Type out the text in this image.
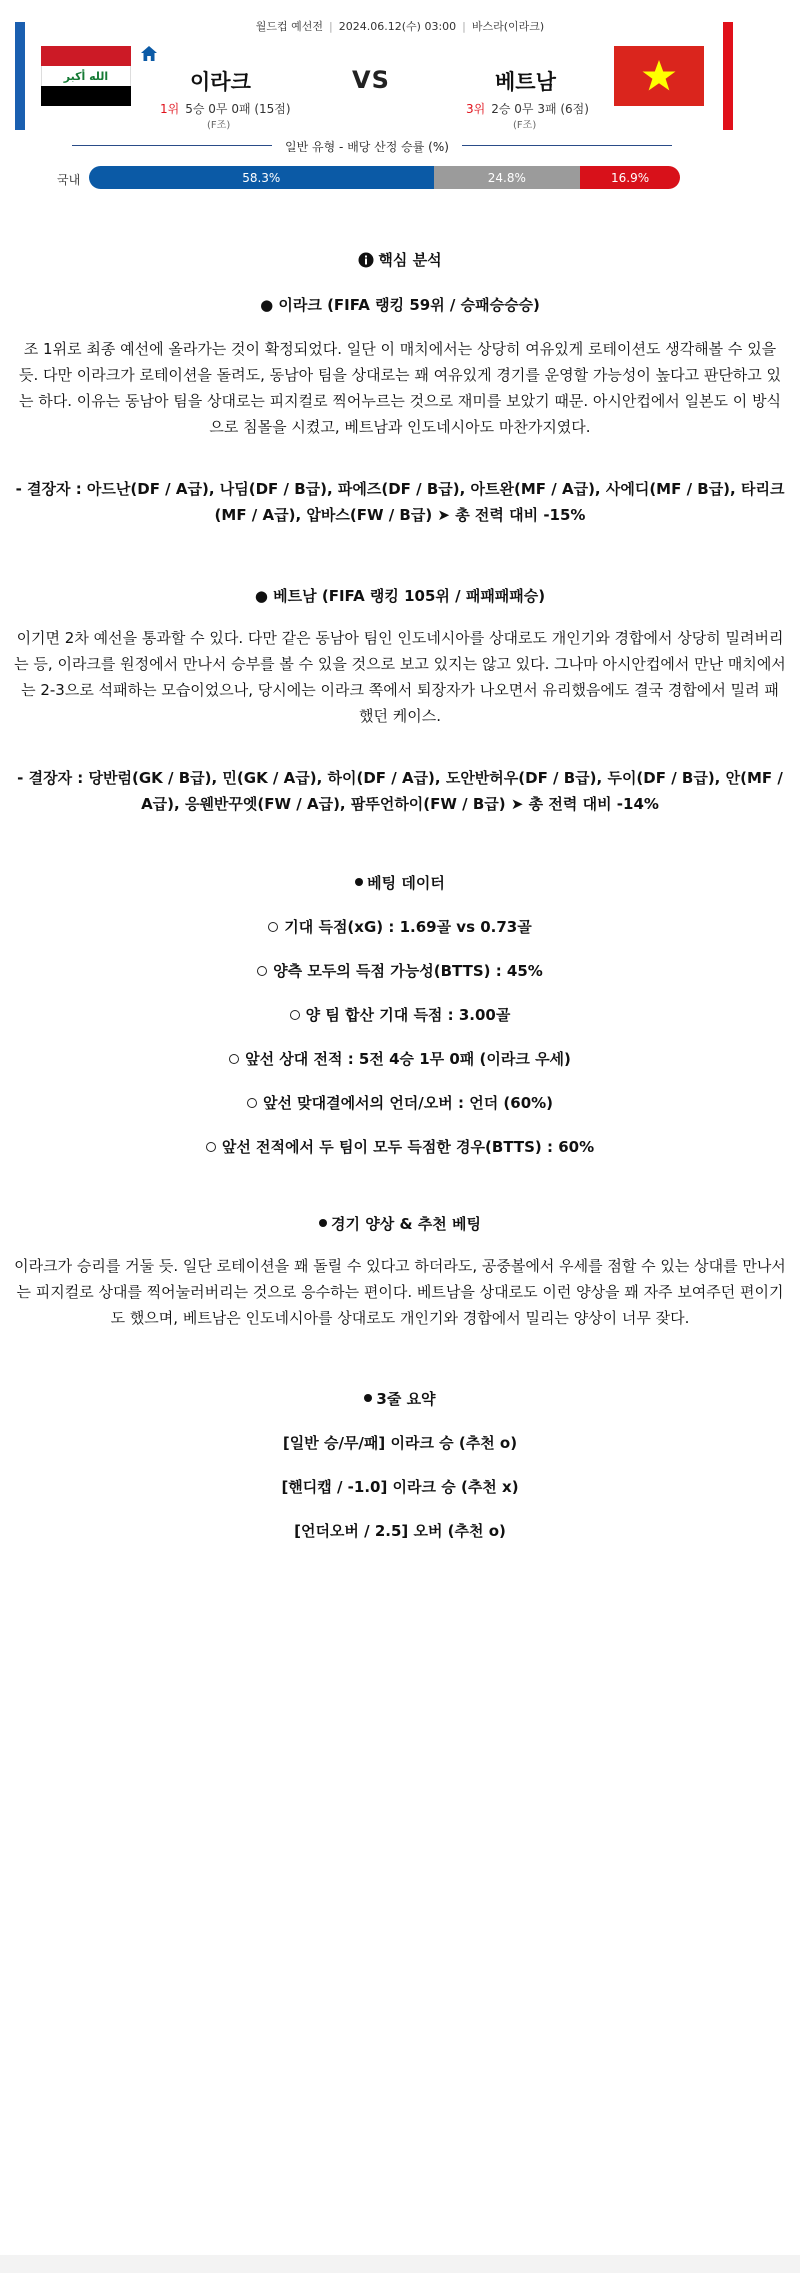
월드컵 예선전 | 2024.06.12(수) 03:00 | 바스라(이라크)
الله أكبر	이라크	VS	베트남
1위 5승 0무 0패 (15점)
(F조)
3위 2승 0무 3패 (6점)
(F조)
일반 유형 - 배당 산정 승률 (%)
국내	58.3%	24.8%	16.9%
핵심 분석
● 이라크 (FIFA 랭킹 59위 / 승패승승승)
조 1위로 최종 예선에 올라가는 것이 확정되었다. 일단 이 매치에서는 상당히 여유있게 로테이션도 생각해볼 수 있을 듯. 다만 이라크가 로테이션을 돌려도, 동남아 팀을 상대로는 꽤 여유있게 경기를 운영할 가능성이 높다고 판단하고 있는 하다. 이유는 동남아 팀을 상대로는 피지컬로 찍어누르는 것으로 재미를 보았기 때문. 아시안컵에서 일본도 이 방식으로 침몰을 시켰고, 베트남과 인도네시아도 마찬가지였다.
- 결장자 : 아드난(DF / A급), 나딤(DF / B급), 파에즈(DF / B급), 아트완(MF / A급), 사에디(MF / B급), 타리크(MF / A급), 압바스(FW / B급) ➤ 총 전력 대비 -15%
● 베트남 (FIFA 랭킹 105위 / 패패패패승)
이기면 2차 예선을 통과할 수 있다. 다만 같은 동남아 팀인 인도네시아를 상대로도 개인기와 경합에서 상당히 밀려버리는 등, 이라크를 원정에서 만나서 승부를 볼 수 있을 것으로 보고 있지는 않고 있다. 그나마 아시안컵에서 만난 매치에서는 2-3으로 석패하는 모습이었으나, 당시에는 이라크 쪽에서 퇴장자가 나오면서 유리했음에도 결국 경합에서 밀려 패했던 케이스.
- 결장자 : 당반럼(GK / B급), 민(GK / A급), 하이(DF / A급), 도안반허우(DF / B급), 두이(DF / B급), 안(MF / A급), 응웬반꾸엣(FW / A급), 팜뚜언하이(FW / B급) ➤ 총 전력 대비 -14%
베팅 데이터
기대 득점(xG) : 1.69골 vs 0.73골
양측 모두의 득점 가능성(BTTS) : 45%
양 팀 합산 기대 득점 : 3.00골
앞선 상대 전적 : 5전 4승 1무 0패 (이라크 우세)
앞선 맞대결에서의 언더/오버 : 언더 (60%)
앞선 전적에서 두 팀이 모두 득점한 경우(BTTS) : 60%
경기 양상 & 추천 베팅
이라크가 승리를 거둘 듯. 일단 로테이션을 꽤 돌릴 수 있다고 하더라도, 공중볼에서 우세를 점할 수 있는 상대를 만나서는 피지컬로 상대를 찍어눌러버리는 것으로 응수하는 편이다. 베트남을 상대로도 이런 양상을 꽤 자주 보여주던 편이기도 했으며, 베트남은 인도네시아를 상대로도 개인기와 경합에서 밀리는 양상이 너무 잦다.
3줄 요약
[일반 승/무/패] 이라크 승 (추천 o)
[핸디캡 / -1.0] 이라크 승 (추천 x)
[언더오버 / 2.5] 오버 (추천 o)
